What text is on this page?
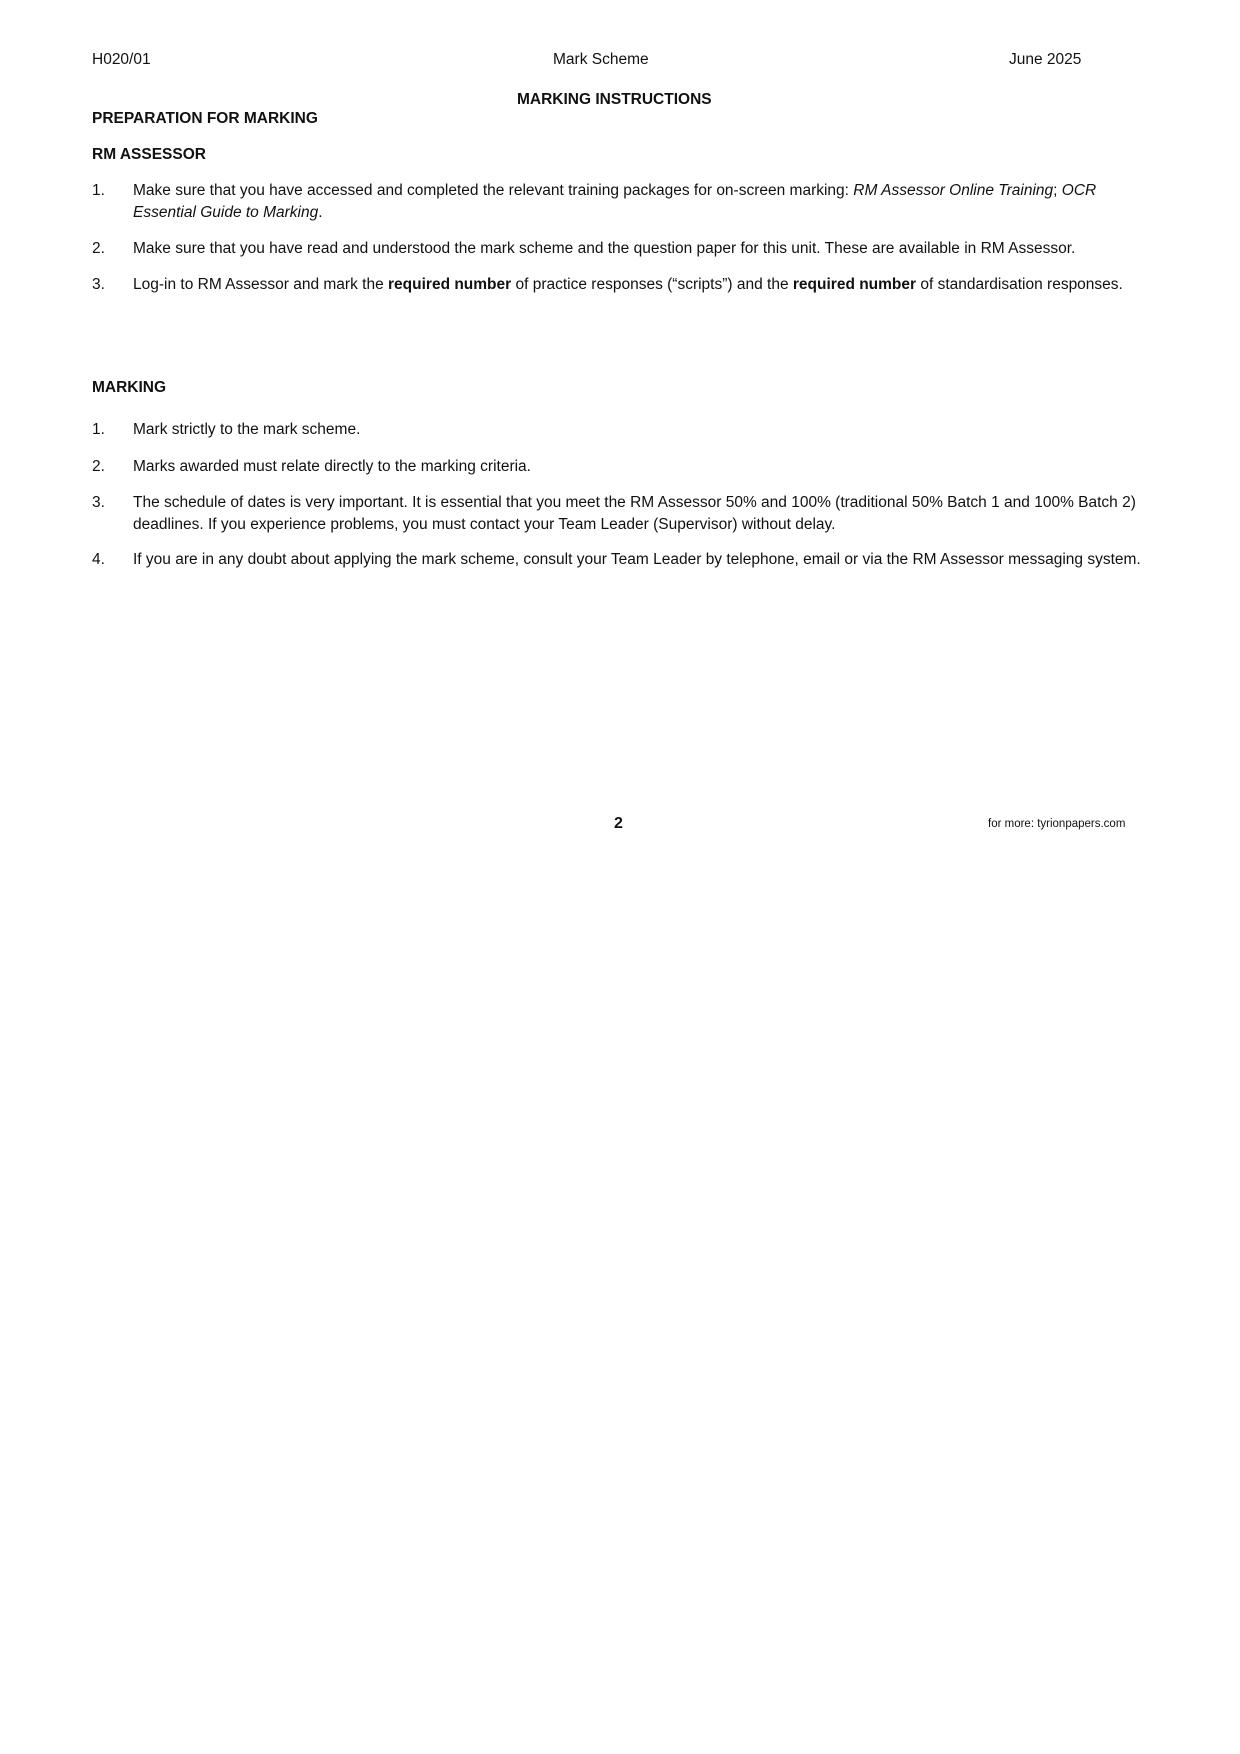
H020/01	Mark Scheme	June 2025
MARKING INSTRUCTIONS
PREPARATION FOR MARKING
RM ASSESSOR
1. Make sure that you have accessed and completed the relevant training packages for on-screen marking: RM Assessor Online Training; OCR Essential Guide to Marking.
2. Make sure that you have read and understood the mark scheme and the question paper for this unit. These are available in RM Assessor.
3. Log-in to RM Assessor and mark the required number of practice responses (“scripts”) and the required number of standardisation responses.
MARKING
1. Mark strictly to the mark scheme.
2. Marks awarded must relate directly to the marking criteria.
3. The schedule of dates is very important. It is essential that you meet the RM Assessor 50% and 100% (traditional 50% Batch 1 and 100% Batch 2) deadlines. If you experience problems, you must contact your Team Leader (Supervisor) without delay.
4. If you are in any doubt about applying the mark scheme, consult your Team Leader by telephone, email or via the RM Assessor messaging system.
2	for more: tyrionpapers.com
